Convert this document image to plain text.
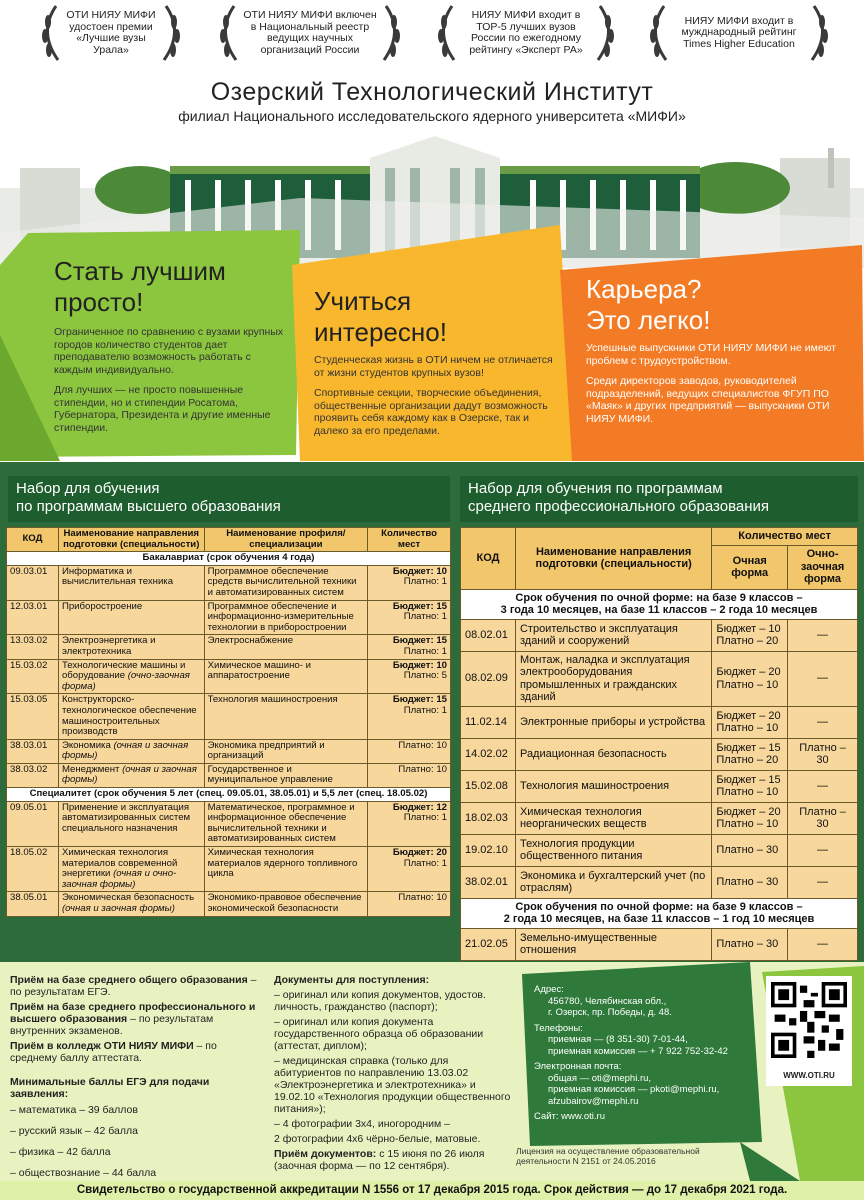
ОТИ НИЯУ МИФИ удостоен премии «Лучшие вузы Урала»
ОТИ НИЯУ МИФИ включен в Национальный реестр ведущих научных организаций России
НИЯУ МИФИ входит в ТОР-5 лучших вузов России по ежегодному рейтингу «Эксперт РА»
НИЯУ МИФИ входит в мужднародный рейтинг Times Higher Education
Озерский Технологический Институт
филиал Национального исследовательского ядерного университета «МИФИ»
Стать лучшим
просто!
Ограниченное по сравнению с вузами крупных городов количество студентов дает преподавателю возможность работать с каждым индивидуально.
Для лучших — не просто повышенные стипендии, но и стипендии Росатома, Губернатора, Президента и другие именные стипендии.
Учиться
интересно!
Студенческая жизнь в ОТИ ничем не отличается от жизни студентов крупных вузов!
Спортивные секции, творческие объединения, общественные организации дадут возможность проявить себя каждому как в Озерске, так и далеко за его пределами.
Карьера?
Это легко!
Успешные выпускники ОТИ НИЯУ МИФИ не имеют проблем с трудоустройством.
Среди директоров заводов, руководителей подразделений, ведущих специалистов ФГУП ПО «Маяк» и других предприятий — выпускники ОТИ НИЯУ МИФИ.
Набор для обучения
по программам высшего образования
КОД	Наименование направления подготовки (специальности)	Наименование профиля/специализации	Количество мест
Бакалавриат (срок обучения 4 года)			
09.03.01	Информатика и вычислительная техника	Программное обеспечение средств вычислительной техники и автоматизированных систем	Бюджет: 10
Платно: 1

12.03.01	Приборостроение	Программное обеспечение и информационно-измерительные технологии в приборостроении	Бюджет: 15
Платно: 1

13.03.02	Электроэнергетика и электротехника	Электроснабжение	Бюджет: 15
Платно: 1

15.03.02	Технологические машины и оборудование (очно-заочная форма)	Химическое машино- и аппаратостроение	Бюджет: 10
Платно: 5

15.03.05	Конструкторско-технологическое обеспечение машиностроительных производств	Технология машиностроения	Бюджет: 15
Платно: 1

38.03.01	Экономика (очная и заочная формы)	Экономика предприятий и организаций	Платно: 10

38.03.02	Менеджмент (очная и заочная формы)	Государственное и муниципальное управление	Платно: 10

Специалитет (срок обучения 5 лет (спец. 09.05.01, 38.05.01) и 5,5 лет (спец. 18.05.02)			
09.05.01	Применение и эксплуатация автоматизированных систем специального назначения	Математическое, программное и информационное обеспечение вычислительной техники и автоматизированных систем	Бюджет: 12
Платно: 1

18.05.02	Химическая технология материалов современной энергетики (очная и очно-заочная формы)	Химическая технология материалов ядерного топливного цикла	Бюджет: 20
Платно: 1

38.05.01	Экономическая безопасность (очная и заочная формы)	Экономико-правовое обеспечение экономической безопасности	Платно: 10
Набор для обучения по программам
среднего профессионального образования
КОД	Наименование направления подготовки (специальности)	Количество мест	
		Очная форма	Очно-заочная форма

Срок обучения по очной форме: на базе 9 классов –
3 года 10 месяцев, на базе 11 классов – 2 года 10 месяцев			

08.02.01	Строительство и эксплуатация зданий и сооружений	Бюджет – 10
Платно – 20	—
08.02.09	Монтаж, наладка и эксплуатация электрооборудования промышленных и гражданских зданий	Бюджет – 20
Платно – 10	—
11.02.14	Электронные приборы и устройства	Бюджет – 20
Платно – 10	—
14.02.02	Радиационная безопасность	Бюджет – 15
Платно – 20	Платно – 30
15.02.08	Технология машиностроения	Бюджет – 15
Платно – 10	—
18.02.03	Химическая технология неорганических веществ	Бюджет – 20
Платно – 10	Платно – 30
19.02.10	Технология продукции общественного питания	Платно – 30	—
38.02.01	Экономика и бухгалтерский учет (по отраслям)	Платно – 30	—

Срок обучения по очной форме: на базе 9 классов –
2 года 10 месяцев, на базе 11 классов – 1 год 10 месяцев			

21.02.05	Земельно-имущественные отношения	Платно – 30	—
Приём на базе среднего общего образования – по результатам ЕГЭ.
Приём на базе среднего профессионального и высшего образования – по результатам внутренних экзаменов.
Приём в колледж ОТИ НИЯУ МИФИ – по среднему баллу аттестата.
Минимальные баллы ЕГЭ для подачи заявления:
– математика – 39 баллов
– русский язык – 42 балла
– физика – 42 балла
– обществознание – 44 балла
Документы для поступления:
– оригинал или копия документов, удостов. личность, гражданство (паспорт);
– оригинал или копия документа государственного образца об образовании (аттестат, диплом);
– медицинская справка (только для абитуриентов по направлению 13.03.02 «Электроэнергетика и электротехника» и 19.02.10 «Технология продукции общественного питания»);
– 4 фотографии 3х4, иногородним –
2 фотографии 4х6 чёрно-белые, матовые.
Приём документов: с 15 июня по 26 июля (заочная форма — по 12 сентября).
Адрес:
456780, Челябинская обл.,
г. Озерск, пр. Победы, д. 48.
Телефоны:
приемная — (8 351-30) 7-01-44,
приемная комиссия — + 7 922 752-32-42
Электронная почта:
общая — oti@mephi.ru,
приемная комиссия — pkoti@mephi.ru,
afzubairov@mephi.ru
Сайт: www.oti.ru
Лицензия на осуществление образовательной
деятельности N 2151 от 24.05.2016
WWW.OTI.RU
Свидетельство о государственной аккредитации N 1556 от 17 декабря 2015 года. Срок действия — до 17 декабря 2021 года.
